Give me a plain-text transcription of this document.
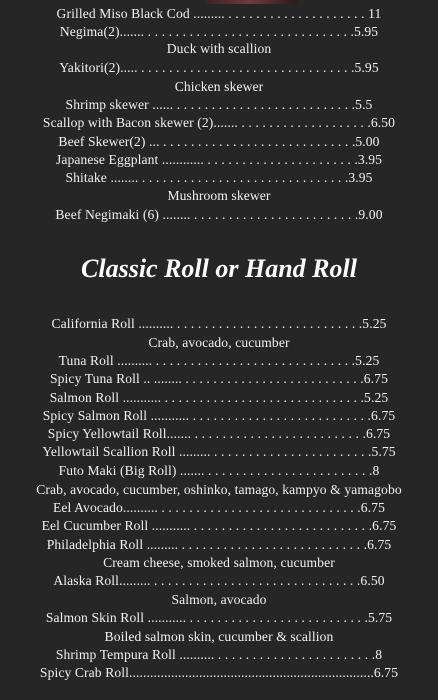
Grilled Miso Black Cod ......... . . . . . . . . . . . . . . . . . . . . 11
Negima(2)....... . . . . . . . . . . . . . . . . . . . . . . . . . . . . . .5.95
Duck with scallion
Yakitori(2)..... . . . . . . . . . . . . . . . . . . . . . . . . . . . . . . .5.95
Chicken skewer
Shrimp skewer ...... . . . . . . . . . . . . . . . . . . . . . . . . . .5.5
Scallop with Bacon skewer (2)....... . . . . . . . . . . . . . . . . . . .6.50
Beef Skewer(2) ... . . . . . . . . . . . . . . . . . . . . . . . . . . . .5.00
Japanese Eggplant ............ . . . . . . . . . . . . . . . . . . . . . .3.95
Shitake ........ . . . . . . . . . . . . . . . . . . . . . . . . . . . . . .3.95
Mushroom skewer
Beef Negimaki (6) ........ . . . . . . . . . . . . . . . . . . . . . . . .9.00
Classic Roll or Hand Roll
California Roll .......... . . . . . . . . . . . . . . . . . . . . . . . . . . .5.25
Crab, avocado, cucumber
Tuna Roll .......... . . . . . . . . . . . . . . . . . . . . . . . . . . . . .5.25
Spicy Tuna Roll .. ........ . . . . . . . . . . . . . . . . . . . . . . . . . .6.75
Salmon Roll ........... . . . . . . . . . . . . . . . . . . . . . . . . . . . . .5.25
Spicy Salmon Roll ........... . . . . . . . . . . . . . . . . . . . . . . . . . .6.75
Spicy Yellowtail Roll....... . . . . . . . . . . . . . . . . . . . . . . . . .6.75
Yellowtail Scallion Roll ......... . . . . . . . . . . . . . . . . . . . . . . .5.75
Futo Maki (Big Roll) ....... . . . . . . . . . . . . . . . . . . . . . . . .8
Crab, avocado, cucumber, oshinko, tamago, kampyo & yamagobo
Eel Avocado.......... . . . . . . . . . . . . . . . . . . . . . . . . . . . . .6.75
Eel Cucumber Roll ........... . . . . . . . . . . . . . . . . . . . . . . . . . .6.75
Philadelphia Roll ......... . . . . . . . . . . . . . . . . . . . . . . . . . . .6.75
Cream cheese, smoked salmon, cucumber
Alaska Roll......... . . . . . . . . . . . . . . . . . . . . . . . . . . . . . .6.50
Salmon, avocado
Salmon Skin Roll ........... . . . . . . . . . . . . . . . . . . . . . . . . . .5.75
Boiled salmon skin, cucumber & scallion
Shrimp Tempura Roll .......... . . . . . . . . . . . . . . . . . . . . . . .8
Spicy Crab Roll......................................................................6.75
